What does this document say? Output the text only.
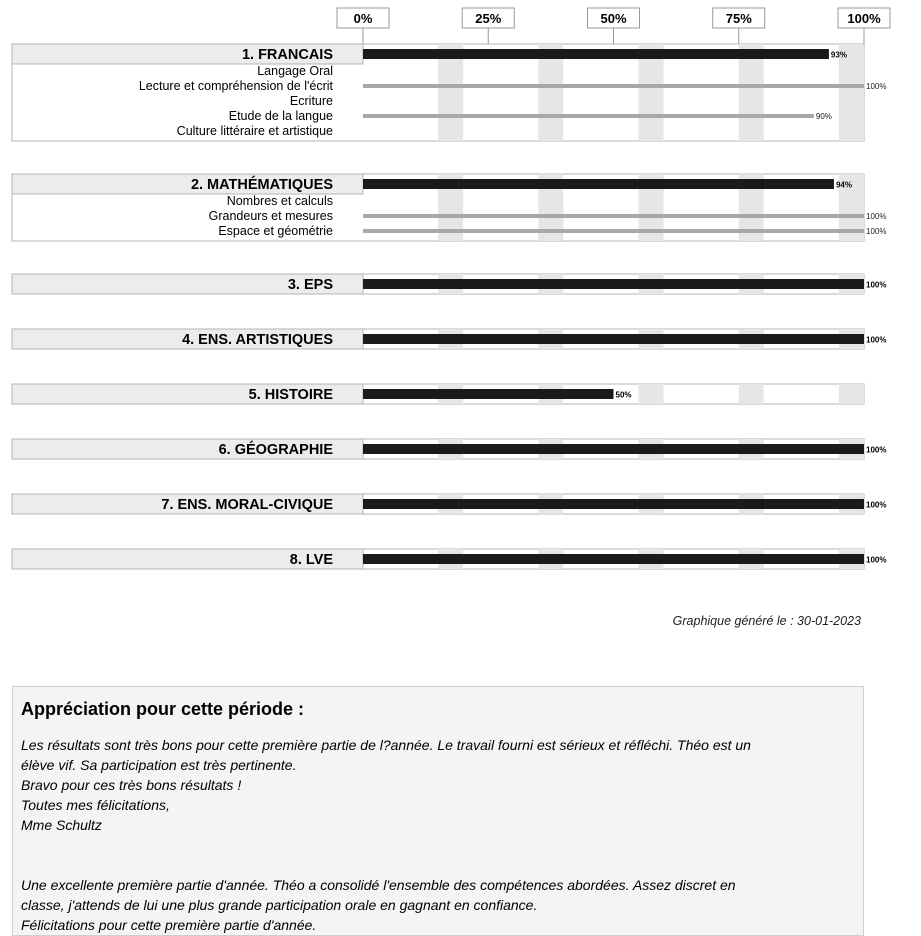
0%	25%	50%	75%	100%
1. FRANCAIS	93%
Langage Oral
Lecture et compréhension de l'écrit	100%
Ecriture
Etude de la langue	90%
Culture littéraire et artistique
2. MATHÉMATIQUES	94%
Nombres et calculs
Grandeurs et mesures	100%
Espace et géométrie	100%
3. EPS	100%
4. ENS. ARTISTIQUES	100%
5. HISTOIRE	50%
6. GÉOGRAPHIE	100%
7. ENS. MORAL-CIVIQUE	100%
8. LVE	100%
Graphique généré le : 30-01-2023
Appréciation pour cette période :

Les résultats sont très bons pour cette première partie de l?année. Le travail fourni est sérieux et réfléchi. Théo est un
élève vif. Sa participation est très pertinente.
Bravo pour ces très bons résultats !
Toutes mes félicitations,
Mme Schultz

Une excellente première partie d'année. Théo a consolidé l'ensemble des compétences abordées. Assez discret en
classe, j'attends de lui une plus grande participation orale en gagnant en confiance.
Félicitations pour cette première partie d'année.
